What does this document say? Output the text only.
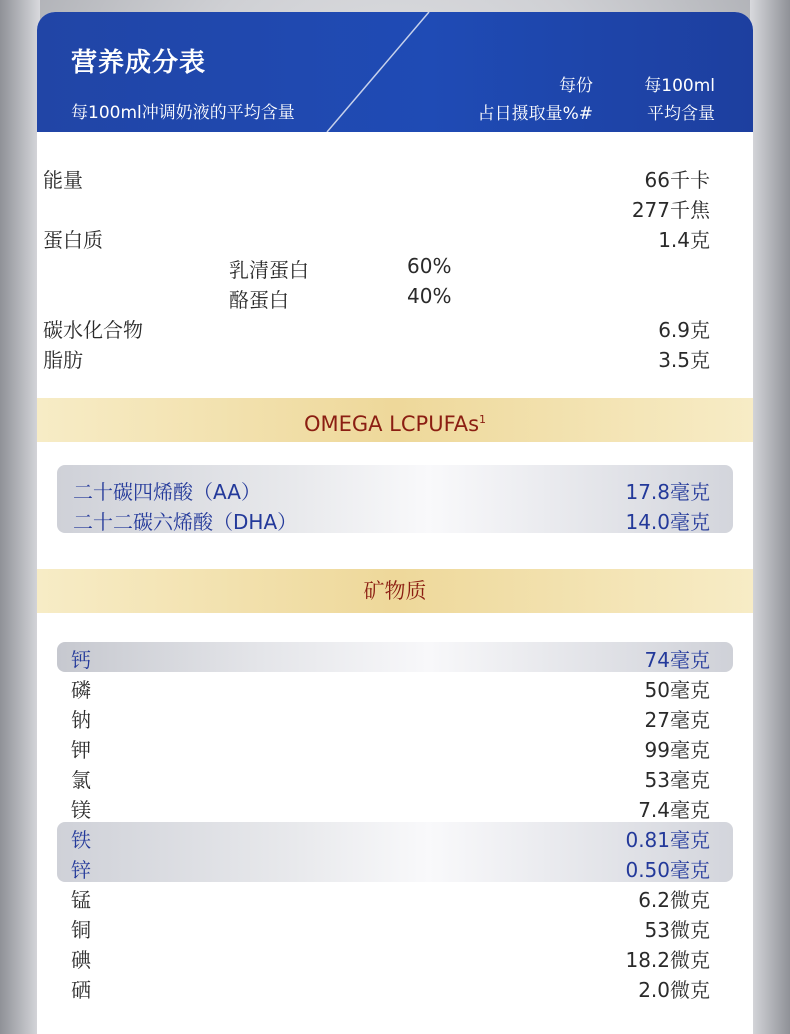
营养成分表
每100ml冲调奶液的平均含量
每份
占日摄取量%#
每100ml
平均含量
能量	66千卡
277千焦
蛋白质	1.4克
乳清蛋白	60%
酪蛋白	40%
碳水化合物	6.9克
脂肪	3.5克
OMEGA LCPUFAs$^1$
二十碳四烯酸（AA）	17.8毫克
二十二碳六烯酸（DHA）	14.0毫克
矿物质
钙	74毫克
磷	50毫克
钠	27毫克
钾	99毫克
氯	53毫克
镁	7.4毫克
铁	0.81毫克
锌	0.50毫克
锰	6.2微克
铜	53微克
碘	18.2微克
硒	2.0微克
